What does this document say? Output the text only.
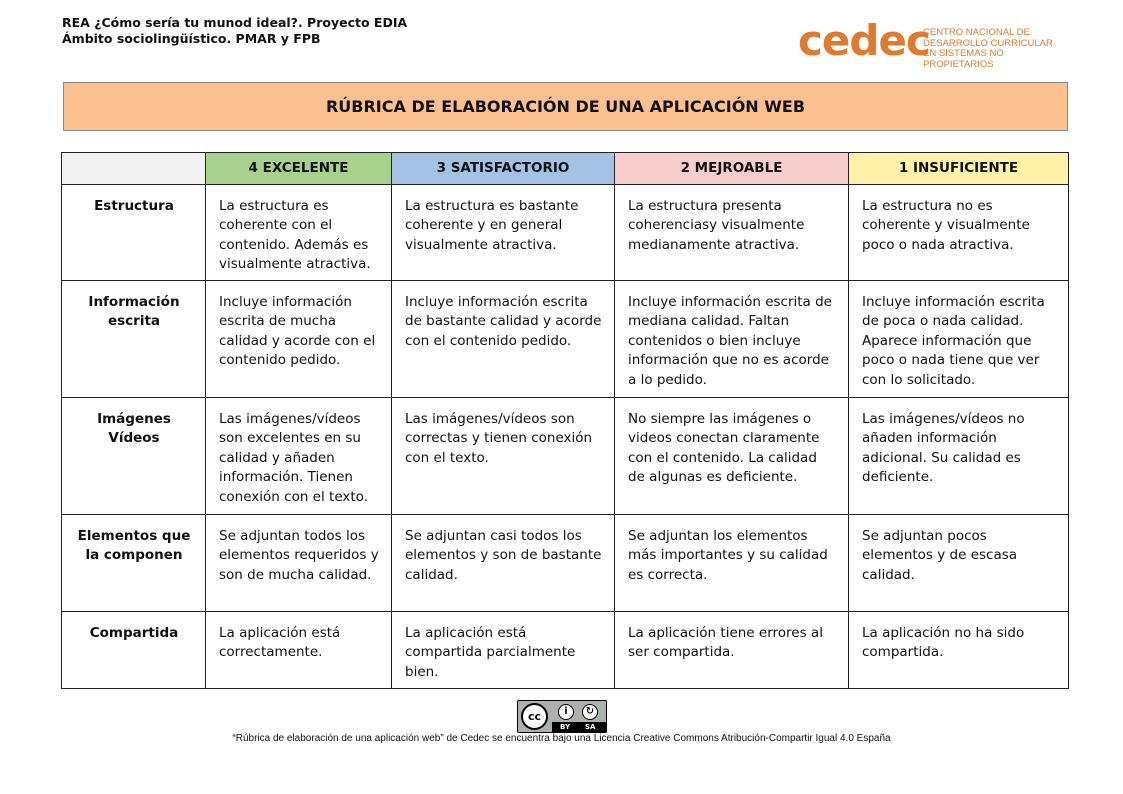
REA ¿Cómo sería tu munod ideal?. Proyecto EDIA
Ámbito sociolingüístico. PMAR y FPB	cedec
CENTRO NACIONAL DE
DESARROLLO CURRICULAR
EN SISTEMAS NO PROPIETARIOS
RÚBRICA DE ELABORACIÓN DE UNA APLICACIÓN WEB
	4 EXCELENTE	3 SATISFACTORIO	2 MEJROABLE	1 INSUFICIENTE
Estructura	La estructura es coherente con el contenido. Además es visualmente atractiva.	La estructura es bastante coherente y en general visualmente atractiva.	La estructura presenta coherenciasy visualmente medianamente atractiva.	La estructura no es coherente y visualmente poco o nada atractiva.
Información escrita	Incluye información escrita de mucha calidad y acorde con el contenido pedido.	Incluye información escrita de bastante calidad y acorde con el contenido pedido.	Incluye información escrita de mediana calidad. Faltan contenidos o bien incluye información que no es acorde a lo pedido.	Incluye información escrita de poca o nada calidad. Aparece información que poco o nada tiene que ver con lo solicitado.
Imágenes Vídeos	Las imágenes/vídeos son excelentes en su calidad y añaden información. Tienen conexión con el texto.	Las imágenes/vídeos son correctas y tienen conexión con el texto.	No siempre las imágenes o videos conectan claramente con el contenido. La calidad de algunas es deficiente.	Las imágenes/vídeos no añaden información adicional. Su calidad es deficiente.
Elementos que la componen	Se adjuntan todos los elementos requeridos y son de mucha calidad.	Se adjuntan casi todos los elementos y son de bastante calidad.	Se adjuntan los elementos más importantes y su calidad es correcta.	Se adjuntan pocos elementos y de escasa calidad.
Compartida	La aplicación está correctamente.	La aplicación está compartida parcialmente bien.	La aplicación tiene errores al ser compartida.	La aplicación no ha sido compartida.
cc	i	↻
BY SA
“Rúbrica de elaboración de una aplicación web” de Cedec se encuentra bajo una Licencia Creative Commons Atribución-Compartir Igual 4.0 España
